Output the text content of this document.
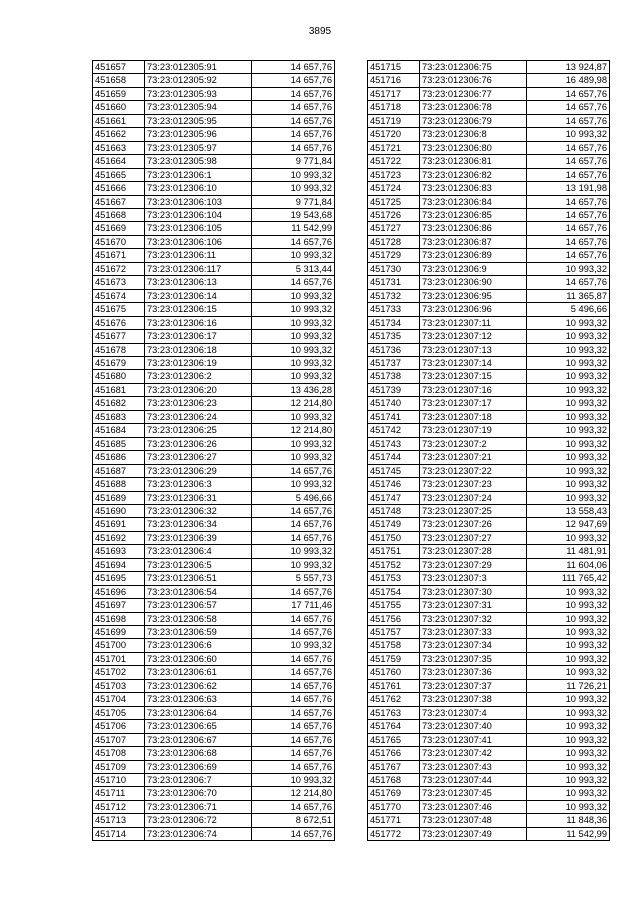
3895
451657	73:23:012305:91	14 657,76
451658	73:23:012305:92	14 657,76
451659	73:23:012305:93	14 657,76
451660	73:23:012305:94	14 657,76
451661	73:23:012305:95	14 657,76
451662	73:23:012305:96	14 657,76
451663	73:23:012305:97	14 657,76
451664	73:23:012305:98	9 771,84
451665	73:23:012306:1	10 993,32
451666	73:23:012306:10	10 993,32
451667	73:23:012306:103	9 771,84
451668	73:23:012306:104	19 543,68
451669	73:23:012306:105	11 542,99
451670	73:23:012306:106	14 657,76
451671	73:23:012306:11	10 993,32
451672	73:23:012306:117	5 313,44
451673	73:23:012306:13	14 657,76
451674	73:23:012306:14	10 993,32
451675	73:23:012306:15	10 993,32
451676	73:23:012306:16	10 993,32
451677	73:23:012306:17	10 993,32
451678	73:23:012306:18	10 993,32
451679	73:23:012306:19	10 993,32
451680	73:23:012306:2	10 993,32
451681	73:23:012306:20	13 436,28
451682	73:23:012306:23	12 214,80
451683	73:23:012306:24	10 993,32
451684	73:23:012306:25	12 214,80
451685	73:23:012306:26	10 993,32
451686	73:23:012306:27	10 993,32
451687	73:23:012306:29	14 657,76
451688	73:23:012306:3	10 993,32
451689	73:23:012306:31	5 496,66
451690	73:23:012306:32	14 657,76
451691	73:23:012306:34	14 657,76
451692	73:23:012306:39	14 657,76
451693	73:23:012306:4	10 993,32
451694	73:23:012306:5	10 993,32
451695	73:23:012306:51	5 557,73
451696	73:23:012306:54	14 657,76
451697	73:23:012306:57	17 711,46
451698	73:23:012306:58	14 657,76
451699	73:23:012306:59	14 657,76
451700	73:23:012306:6	10 993,32
451701	73:23:012306:60	14 657,76
451702	73:23:012306:61	14 657,76
451703	73:23:012306:62	14 657,76
451704	73:23:012306:63	14 657,76
451705	73:23:012306:64	14 657,76
451706	73:23:012306:65	14 657,76
451707	73:23:012306:67	14 657,76
451708	73:23:012306:68	14 657,76
451709	73:23:012306:69	14 657,76
451710	73:23:012306:7	10 993,32
451711	73:23:012306:70	12 214,80
451712	73:23:012306:71	14 657,76
451713	73:23:012306:72	8 672,51
451714	73:23:012306:74	14 657,76
451715	73:23:012306:75	13 924,87
451716	73:23:012306:76	16 489,98
451717	73:23:012306:77	14 657,76
451718	73:23:012306:78	14 657,76
451719	73:23:012306:79	14 657,76
451720	73:23:012306:8	10 993,32
451721	73:23:012306:80	14 657,76
451722	73:23:012306:81	14 657,76
451723	73:23:012306:82	14 657,76
451724	73:23:012306:83	13 191,98
451725	73:23:012306:84	14 657,76
451726	73:23:012306:85	14 657,76
451727	73:23:012306:86	14 657,76
451728	73:23:012306:87	14 657,76
451729	73:23:012306:89	14 657,76
451730	73:23:012306:9	10 993,32
451731	73:23:012306:90	14 657,76
451732	73:23:012306:95	11 365,87
451733	73:23:012306:96	5 496,66
451734	73:23:012307:11	10 993,32
451735	73:23:012307:12	10 993,32
451736	73:23:012307:13	10 993,32
451737	73:23:012307:14	10 993,32
451738	73:23:012307:15	10 993,32
451739	73:23:012307:16	10 993,32
451740	73:23:012307:17	10 993,32
451741	73:23:012307:18	10 993,32
451742	73:23:012307:19	10 993,32
451743	73:23:012307:2	10 993,32
451744	73:23:012307:21	10 993,32
451745	73:23:012307:22	10 993,32
451746	73:23:012307:23	10 993,32
451747	73:23:012307:24	10 993,32
451748	73:23:012307:25	13 558,43
451749	73:23:012307:26	12 947,69
451750	73:23:012307:27	10 993,32
451751	73:23:012307:28	11 481,91
451752	73:23:012307:29	11 604,06
451753	73:23:012307:3	111 765,42
451754	73:23:012307:30	10 993,32
451755	73:23:012307:31	10 993,32
451756	73:23:012307:32	10 993,32
451757	73:23:012307:33	10 993,32
451758	73:23:012307:34	10 993,32
451759	73:23:012307:35	10 993,32
451760	73:23:012307:36	10 993,32
451761	73:23:012307:37	11 726,21
451762	73:23:012307:38	10 993,32
451763	73:23:012307:4	10 993,32
451764	73:23:012307:40	10 993,32
451765	73:23:012307:41	10 993,32
451766	73:23:012307:42	10 993,32
451767	73:23:012307:43	10 993,32
451768	73:23:012307:44	10 993,32
451769	73:23:012307:45	10 993,32
451770	73:23:012307:46	10 993,32
451771	73:23:012307:48	11 848,36
451772	73:23:012307:49	11 542,99
